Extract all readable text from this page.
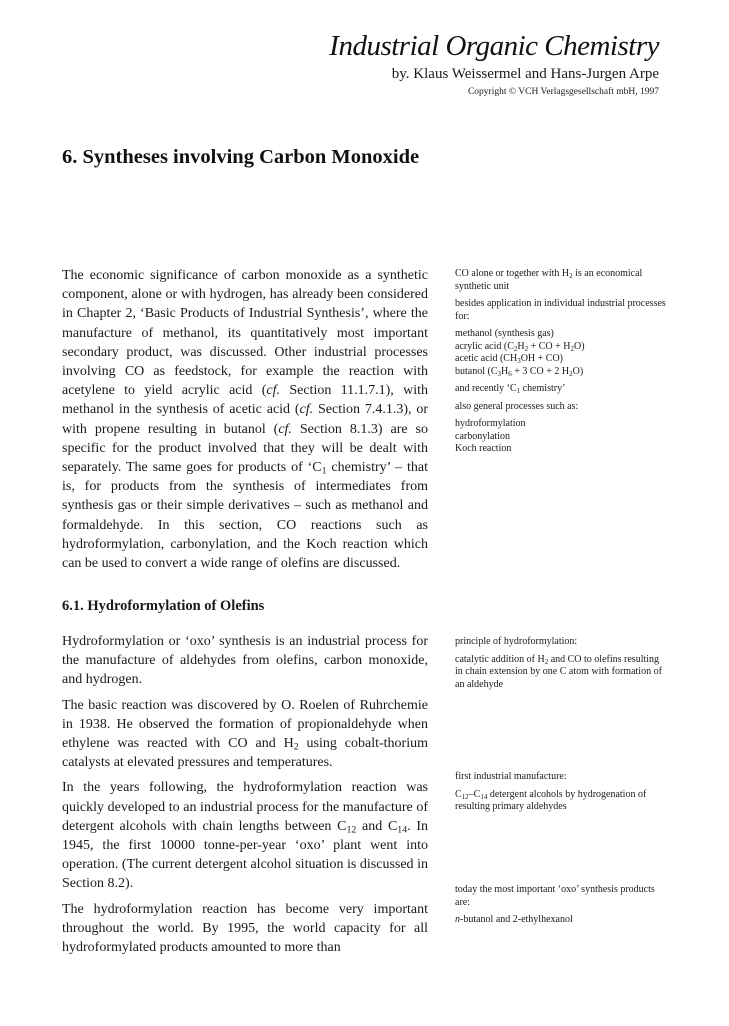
Industrial Organic Chemistry
by. Klaus Weissermel and Hans-Jurgen Arpe
Copyright © VCH Verlagsgesellschaft mbH, 1997
6. Syntheses involving Carbon Monoxide

The economic significance of carbon monoxide as a synthetic component, alone or with hydrogen, has already been considered in Chapter 2, ‘Basic Products of Industrial Synthesis’, where the manufacture of methanol, its quantitatively most important secondary product, was discussed. Other industrial processes involving CO as feedstock, for example the reaction with acetylene to yield acrylic acid (cf. Section 11.1.7.1), with methanol in the synthesis of acetic acid (cf. Section 7.4.1.3), or with propene resulting in butanol (cf. Section 8.1.3) are so specific for the product involved that they will be dealt with separately. The same goes for products of ‘$C_1$ chemistry’ – that is, for products from the synthesis of intermediates from synthesis gas or their simple derivatives – such as methanol and formaldehyde. In this section, CO reactions such as hydroformylation, carbonylation, and the Koch reaction which can be used to convert a wide range of olefins are discussed.

6.1. Hydroformylation of Olefins

Hydroformylation or ‘oxo’ synthesis is an industrial process for the manufacture of aldehydes from olefins, carbon monoxide, and hydrogen.

The basic reaction was discovered by O. Roelen of Ruhrchemie in 1938. He observed the formation of propionaldehyde when ethylene was reacted with CO and $H_2$ using cobalt-thorium catalysts at elevated pressures and temperatures.

In the years following, the hydroformylation reaction was quickly developed to an industrial process for the manufacture of detergent alcohols with chain lengths between $C_{12}$ and $C_{14}$. In 1945, the first 10000 tonne-per-year ‘oxo’ plant went into operation. (The current detergent alcohol situation is discussed in Section 8.2).

The hydroformylation reaction has become very important throughout the world. By 1995, the world capacity for all hydroformylated products amounted to more than

CO alone or together with $H_2$ is an economical synthetic unit

besides application in individual industrial processes for:

methanol (synthesis gas)
acrylic acid ($C_2H_2$ + CO + $H_2O$)
acetic acid $(CH_3OH + CO)$
butanol ($C_3H_6 + 3$ CO + 2 $H_2O$)

and recently ‘$C_1$ chemistry’

also general processes such as:

hydroformylation
carbonylation
Koch reaction

principle of hydroformylation:

catalytic addition of $H_2$ and CO to olefins resulting in chain extension by one C atom with formation of an aldehyde

first industrial manufacture:

$C_{12}-C_{14}$ detergent alcohols by hydrogenation of resulting primary aldehydes

today the most important ‘oxo’ synthesis products are:

n-butanol and 2-ethylhexanol
